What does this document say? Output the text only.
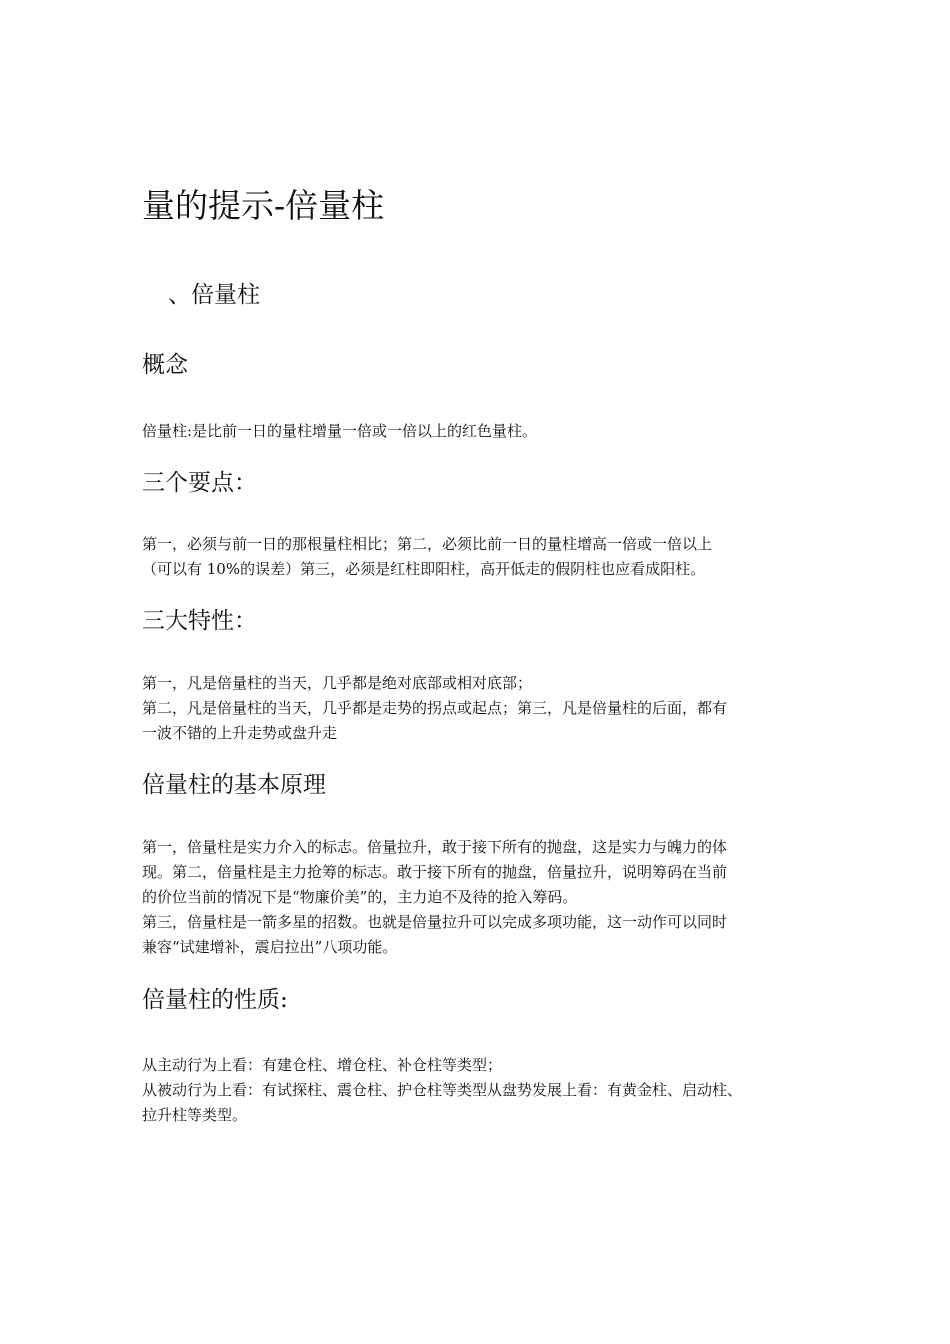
量的提示-倍量柱
、倍量柱
概念

倍量柱:是比前一日的量柱增量一倍或一倍以上的红色量柱。

三个要点：

第一，必须与前一日的那根量柱相比；第二，必须比前一日的量柱增高一倍或一倍以上
（可以有 10%的误差）第三，必须是红柱即阳柱，高开低走的假阴柱也应看成阳柱。

三大特性：

第一，凡是倍量柱的当天，几乎都是绝对底部或相对底部；
第二，凡是倍量柱的当天，几乎都是走势的拐点或起点；第三，凡是倍量柱的后面，都有
一波不错的上升走势或盘升走

倍量柱的基本原理

第一，倍量柱是实力介入的标志。倍量拉升，敢于接下所有的抛盘，这是实力与魄力的体
现。第二，倍量柱是主力抢筹的标志。敢于接下所有的抛盘，倍量拉升，说明筹码在当前
的价位当前的情况下是“物廉价美”的，主力迫不及待的抢入筹码。
第三，倍量柱是一箭多星的招数。也就是倍量拉升可以完成多项功能，这一动作可以同时
兼容“试建增补，震启拉出”八项功能。

倍量柱的性质:

从主动行为上看：有建仓柱、增仓柱、补仓柱等类型；
从被动行为上看：有试探柱、震仓柱、护仓柱等类型从盘势发展上看：有黄金柱、启动柱、
拉升柱等类型。
